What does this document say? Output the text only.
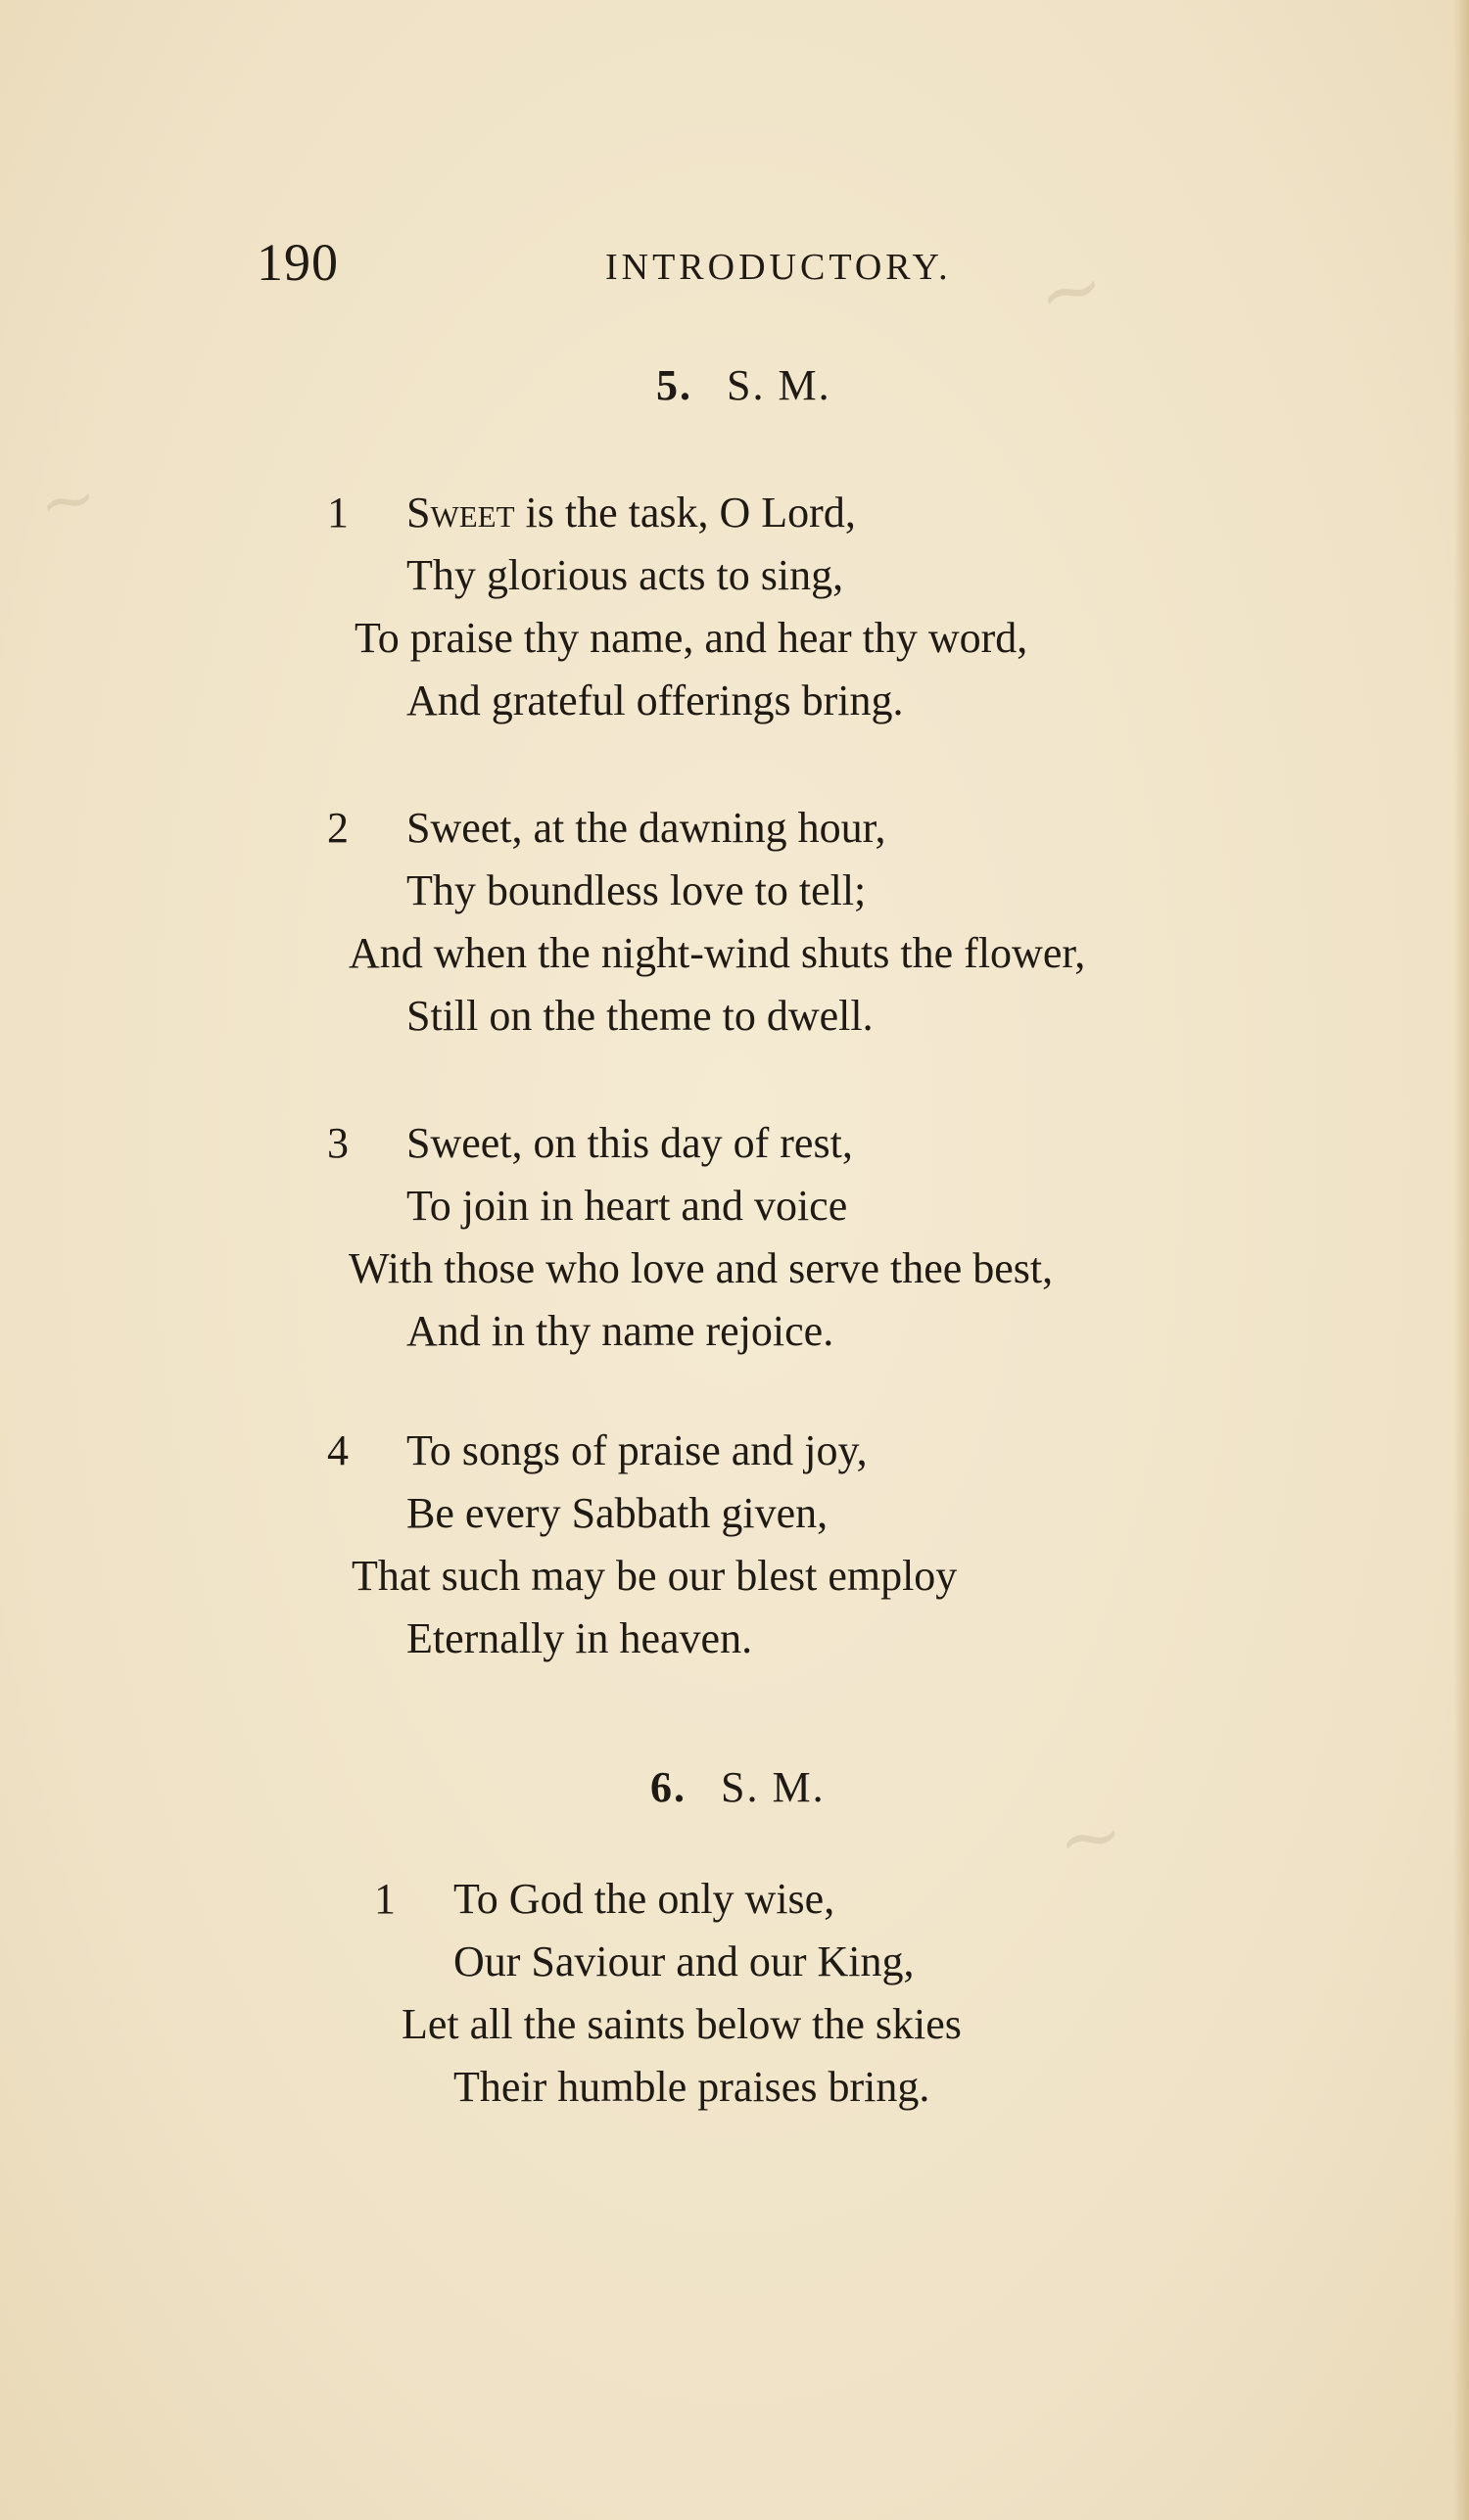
~
~
~
190	INTRODUCTORY.
5. S. M.
1 Sweet is the task, O Lord,
Thy glorious acts to sing,
To praise thy name, and hear thy word,
And grateful offerings bring.
2 Sweet, at the dawning hour,
Thy boundless love to tell;
And when the night-wind shuts the flower,
Still on the theme to dwell.
3 Sweet, on this day of rest,
To join in heart and voice
With those who love and serve thee best,
And in thy name rejoice.
4 To songs of praise and joy,
Be every Sabbath given,
That such may be our blest employ
Eternally in heaven.
6. S. M.
1 To God the only wise,
Our Saviour and our King,
Let all the saints below the skies
Their humble praises bring.
